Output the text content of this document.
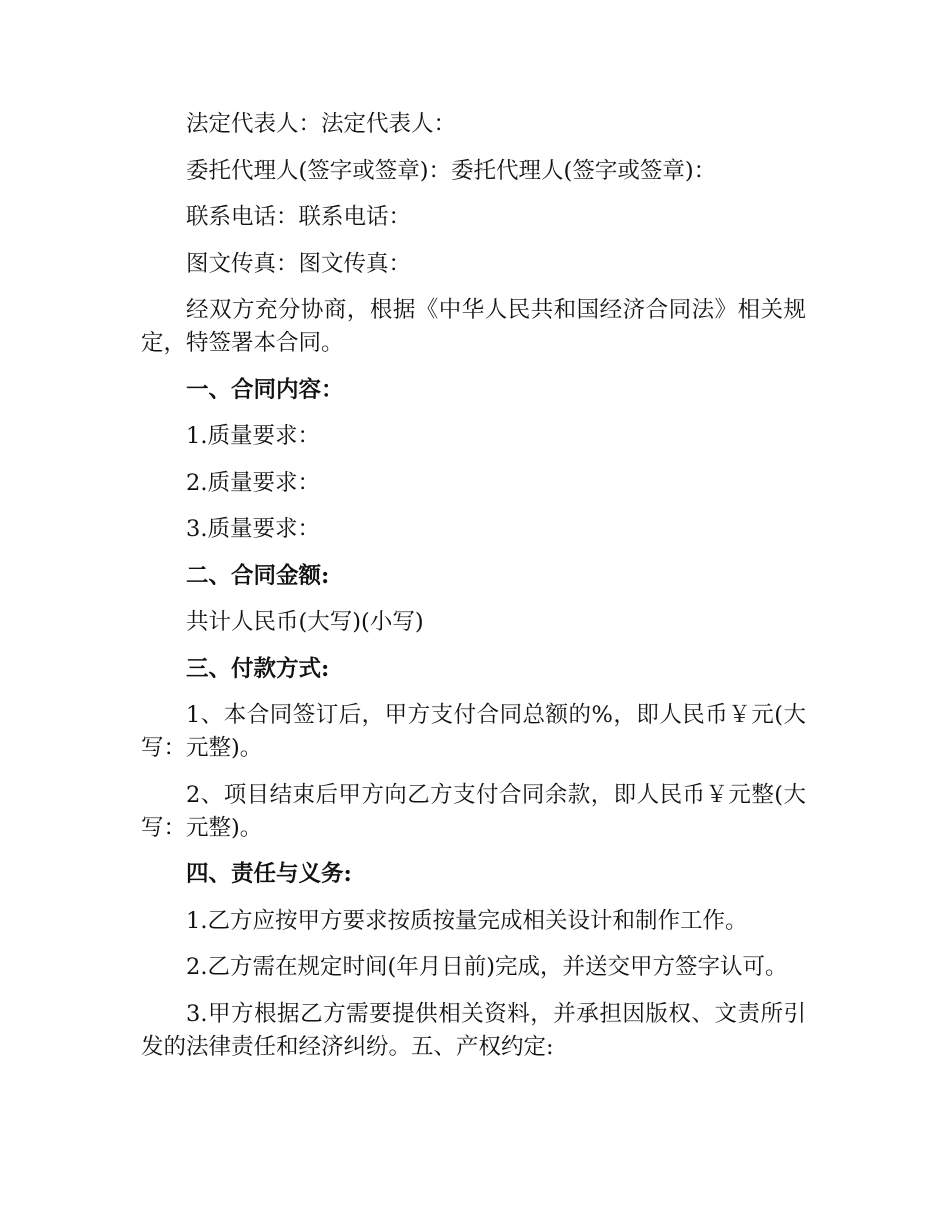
法定代表人：法定代表人：

委托代理人(签字或签章)：委托代理人(签字或签章)：

联系电话：联系电话：

图文传真：图文传真：

经双方充分协商，根据《中华人民共和国经济合同法》相关规定，特签署本合同。

一、合同内容：

1.质量要求：

2.质量要求：

3.质量要求：

二、合同金额:

共计人民币(大写)(小写)

三、付款方式:

1、本合同签订后，甲方支付合同总额的%，即人民币￥元(大写：元整)。

2、项目结束后甲方向乙方支付合同余款，即人民币￥元整(大写：元整)。

四、责任与义务:

1.乙方应按甲方要求按质按量完成相关设计和制作工作。

2.乙方需在规定时间(年月日前)完成，并送交甲方签字认可。

3.甲方根据乙方需要提供相关资料，并承担因版权、文责所引发的法律责任和经济纠纷。五、产权约定:
